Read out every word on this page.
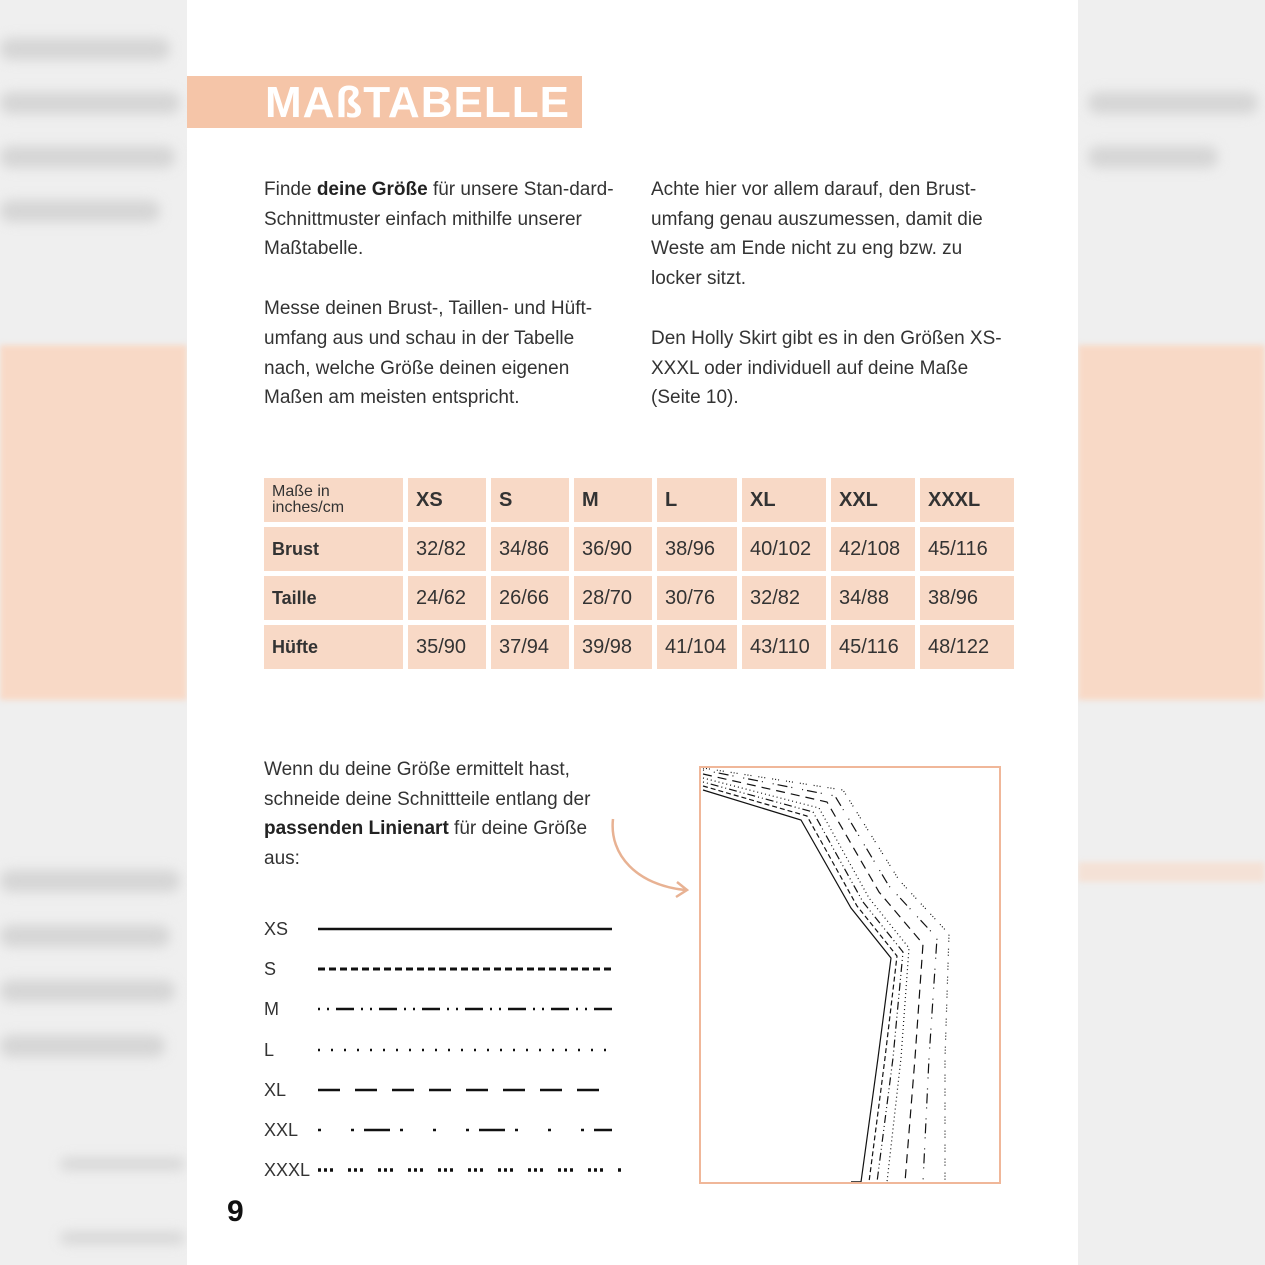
MAßTABELLE

Finde deine Größe für unsere Stan-dard-Schnittmuster einfach mithilfe unserer Maßtabelle.

Messe deinen Brust-, Taillen- und Hüft-umfang aus und schau in der Tabelle nach, welche Größe deinen eigenen Maßen am meisten entspricht.

Achte hier vor allem darauf, den Brust-umfang genau auszumessen, damit die Weste am Ende nicht zu eng bzw. zu locker sitzt.

Den Holly Skirt gibt es in den Größen XS-XXXL oder individuell auf deine Maße (Seite 10).

Maße in
inches/cm	XS	S	M	L	XL	XXL	XXXL
Brust	32/82	34/86	36/90	38/96	40/102	42/108	45/116
Taille	24/62	26/66	28/70	30/76	32/82	34/88	38/96
Hüfte	35/90	37/94	39/98	41/104	43/110	45/116	48/122
Wenn du deine Größe ermittelt hast, schneide deine Schnittteile entlang der passenden Linienart für deine Größe aus:
XS
S
M
L
XL
XXL
XXXL
9
